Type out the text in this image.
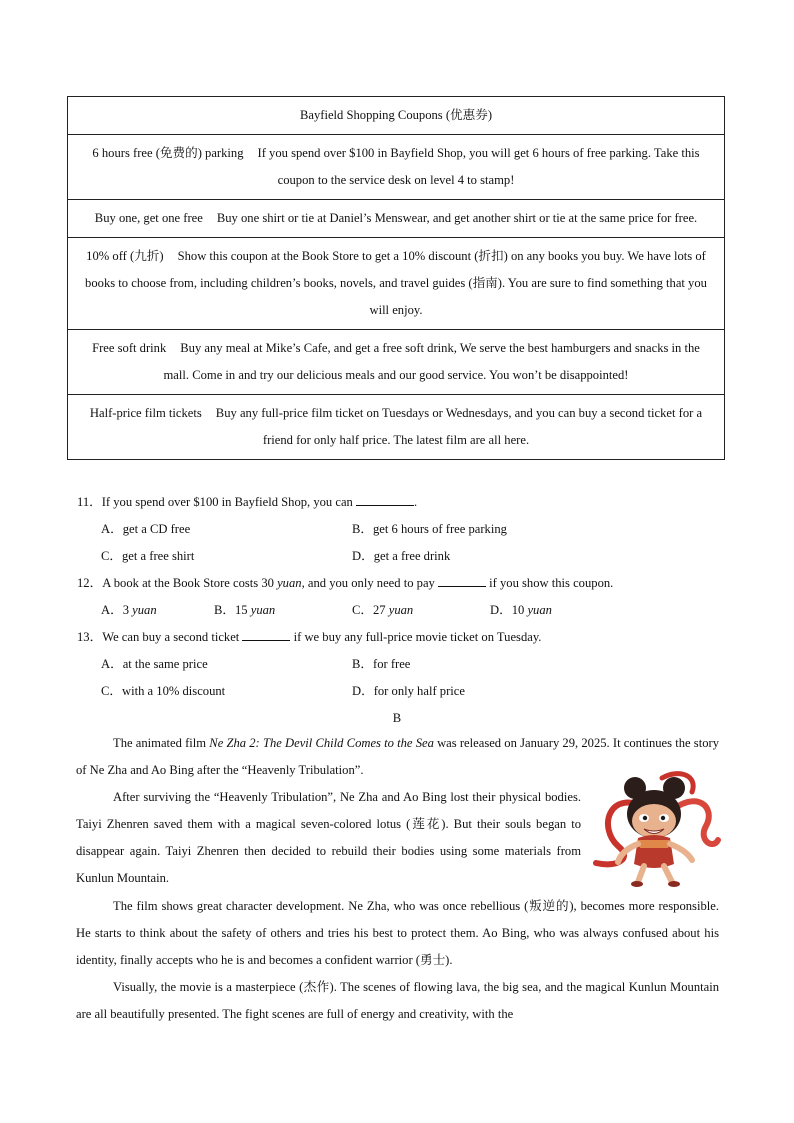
Bayfield Shopping Coupons (优惠券)
6 hours free (免费的) parking If you spend over $100 in Bayfield Shop, you will get 6 hours of free parking. Take this coupon to the service desk on level 4 to stamp!
Buy one, get one free Buy one shirt or tie at Daniel’s Menswear, and get another shirt or tie at the same price for free.
10% off (九折) Show this coupon at the Book Store to get a 10% discount (折扣) on any books you buy. We have lots of books to choose from, including children’s books, novels, and travel guides (指南). You are sure to find something that you will enjoy.
Free soft drink Buy any meal at Mike’s Cafe, and get a free soft drink, We serve the best hamburgers and snacks in the mall. Come in and try our delicious meals and our good service. You won’t be disappointed!
Half-price film tickets Buy any full-price film ticket on Tuesdays or Wednesdays, and you can buy a second ticket for a friend for only half price. The latest film are all here.
11．If you spend over $100 in Bayfield Shop, you can	.
A．get a CD free	B．get 6 hours of free parking
C．get a free shirt	D．get a free drink
12．A book at the Book Store costs 30 yuan, and you only need to pay	if you show this coupon.
A．3 yuan	B．15 yuan	C．27 yuan	D．10 yuan
13．We can buy a second ticket	if we buy any full-price movie ticket on Tuesday.
A．at the same price	B．for free
C．with a 10% discount	D．for only half price
B

The animated film Ne Zha 2: The Devil Child Comes to the Sea was released on January 29, 2025. It continues the story of Ne Zha and Ao Bing after the “Heavenly Tribulation”.

After surviving the “Heavenly Tribulation”, Ne Zha and Ao Bing lost their physical bodies. Taiyi Zhenren saved them with a magical seven-colored lotus (莲花). But their souls began to disappear again. Taiyi Zhenren then decided to rebuild their bodies using some materials from Kunlun Mountain.

The film shows great character development. Ne Zha, who was once rebellious (叛逆的), becomes more responsible. He starts to think about the safety of others and tries his best to protect them. Ao Bing, who was always confused about his identity, finally accepts who he is and becomes a confident warrior (勇士).

Visually, the movie is a masterpiece (杰作). The scenes of flowing lava, the big sea, and the magical Kunlun Mountain are all beautifully presented. The fight scenes are full of energy and creativity, with the
